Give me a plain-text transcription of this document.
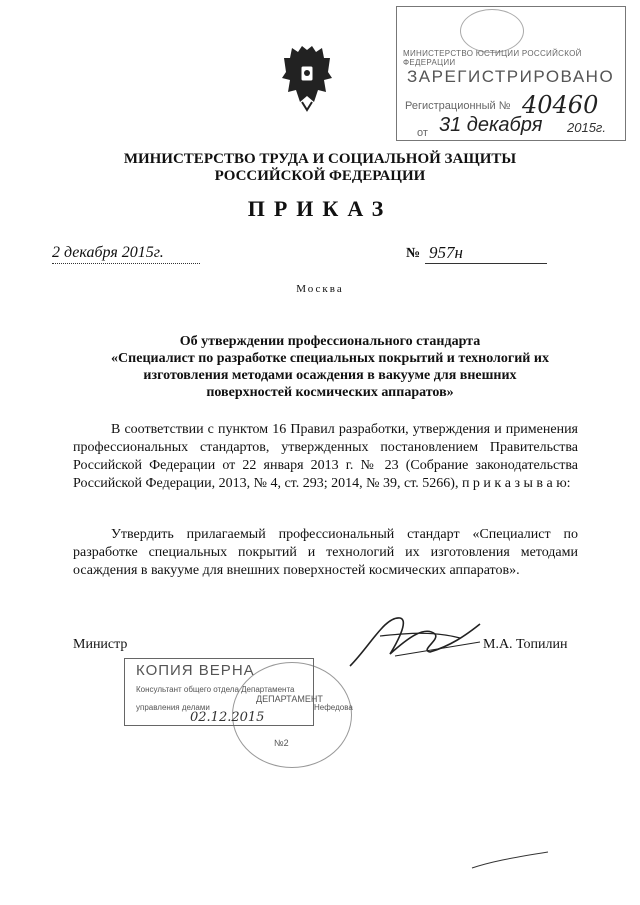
МИНИСТЕРСТВО ЮСТИЦИИ РОССИЙСКОЙ ФЕДЕРАЦИИ
ЗАРЕГИСТРИРОВАНО
Регистрационный № 40460
от 31 декабря 2015г.
МИНИСТЕРСТВО ТРУДА И СОЦИАЛЬНОЙ ЗАЩИТЫ
РОССИЙСКОЙ ФЕДЕРАЦИИ
ПРИКАЗ
2 декабря 2015г.	№ 957н
Москва
Об утверждении профессионального стандарта
«Специалист по разработке специальных покрытий и технологий их
изготовления методами осаждения в вакууме для внешних
поверхностей космических аппаратов»
В соответствии с пунктом 16 Правил разработки, утверждения и применения профессиональных стандартов, утвержденных постановлением Правительства Российской Федерации от 22 января 2013 г. № 23 (Собрание законодательства Российской Федерации, 2013, № 4, ст. 293; 2014, № 39, ст. 5266), п р и к а з ы в а ю:
Утвердить прилагаемый профессиональный стандарт «Специалист по разработке специальных покрытий и технологий их изготовления методами осаждения в вакууме для внешних поверхностей космических аппаратов».
Министр	М.А. Топилин
КОПИЯ ВЕРНА
Консультант общего отдела Департамента
управления делами
ДЕПАРТАМЕНТ
Нефедова
02.12.2015
№2
